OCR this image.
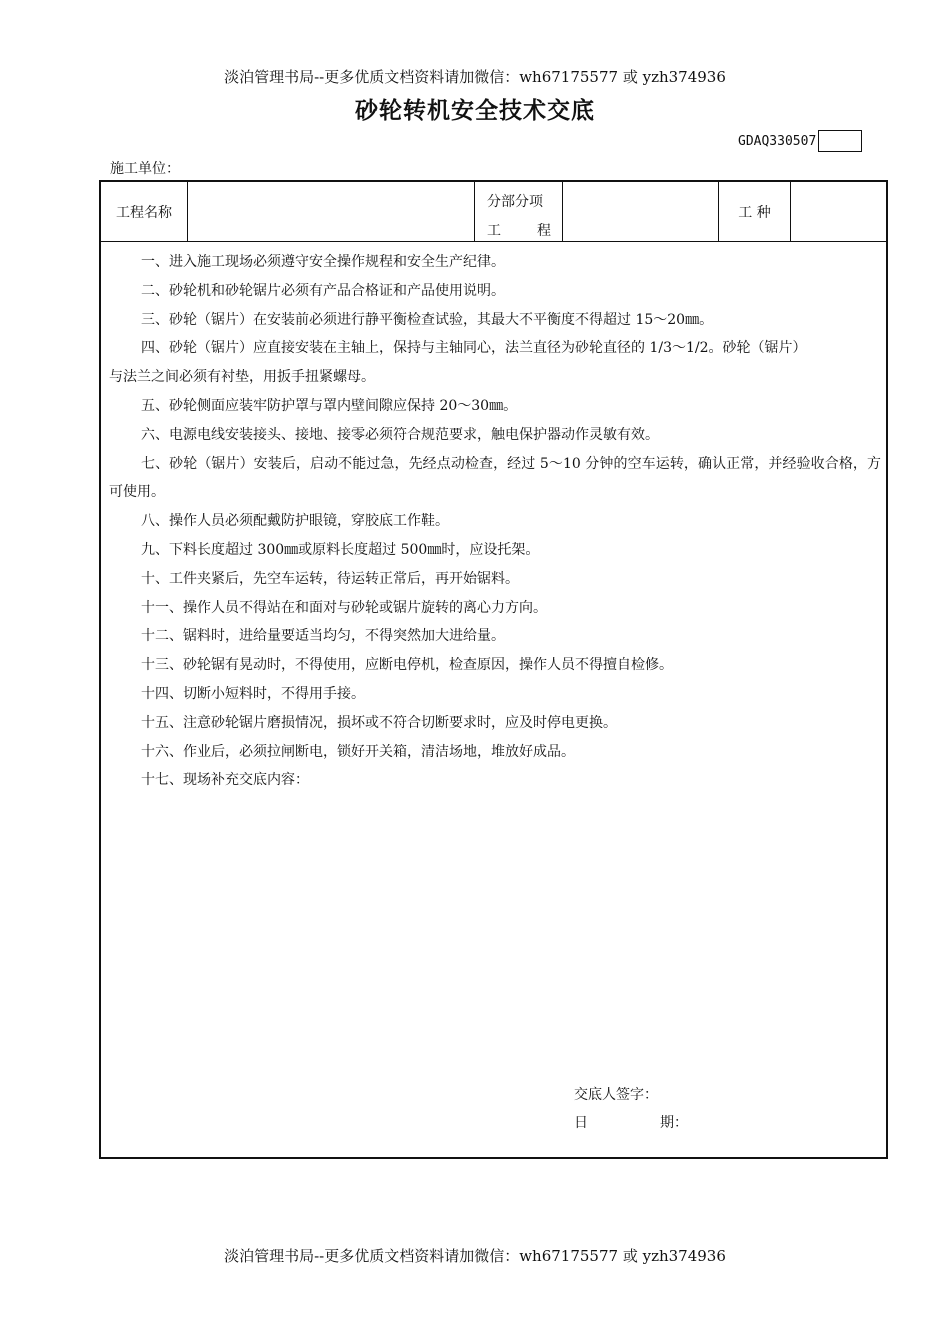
淡泊管理书局--更多优质文档资料请加微信：wh67175577 或 yzh374936
砂轮转机安全技术交底
GDAQ330507
施工单位：
工程名称
分部分项
工	程
工 种

一、进入施工现场必须遵守安全操作规程和安全生产纪律。

二、砂轮机和砂轮锯片必须有产品合格证和产品使用说明。

三、砂轮（锯片）在安装前必须进行静平衡检查试验，其最大不平衡度不得超过 15～20㎜。

四、砂轮（锯片）应直接安装在主轴上，保持与主轴同心，法兰直径为砂轮直径的 1/3～1/2。砂轮（锯片）

与法兰之间必须有衬垫，用扳手扭紧螺母。

五、砂轮侧面应装牢防护罩与罩内壁间隙应保持 20～30㎜。

六、电源电线安装接头、接地、接零必须符合规范要求，触电保护器动作灵敏有效。

七、砂轮（锯片）安装后，启动不能过急，先经点动检查，经过 5～10 分钟的空车运转，确认正常，并经验收合格，方可使用。

八、操作人员必须配戴防护眼镜，穿胶底工作鞋。

九、下料长度超过 300㎜或原料长度超过 500㎜时，应设托架。

十、工件夹紧后，先空车运转，待运转正常后，再开始锯料。

十一、操作人员不得站在和面对与砂轮或锯片旋转的离心力方向。

十二、锯料时，进给量要适当均匀，不得突然加大进给量。

十三、砂轮锯有晃动时，不得使用，应断电停机，检查原因，操作人员不得擅自检修。

十四、切断小短料时，不得用手接。

十五、注意砂轮锯片磨损情况，损坏或不符合切断要求时，应及时停电更换。

十六、作业后，必须拉闸断电，锁好开关箱，清洁场地，堆放好成品。

十七、现场补充交底内容：

交底人签字：
日	期：
淡泊管理书局--更多优质文档资料请加微信：wh67175577 或 yzh374936
